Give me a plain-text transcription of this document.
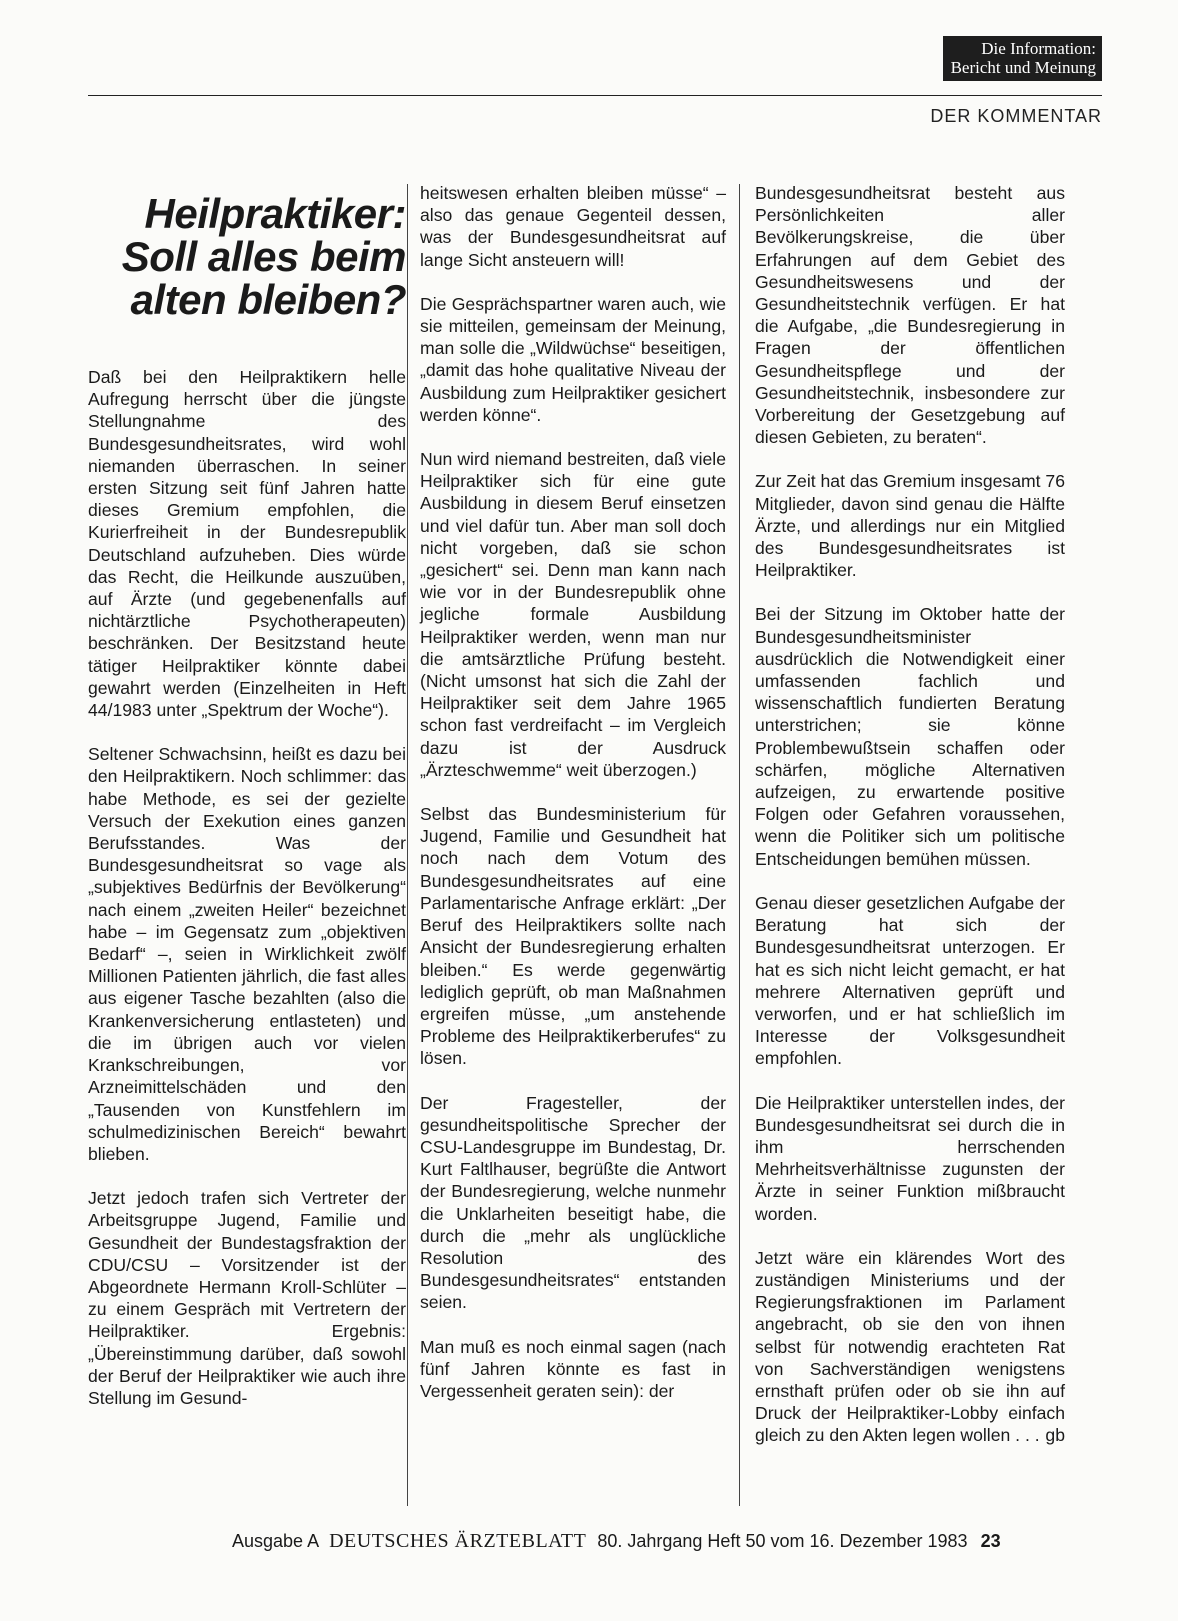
Die Information:
Bericht und Meinung
DER KOMMENTAR
Heilpraktiker:
Soll alles beim
alten bleiben?

Daß bei den Heilpraktikern helle Aufregung herrscht über die jüngste Stellungnahme des Bundesgesundheitsrates, wird wohl niemanden überraschen. In seiner ersten Sitzung seit fünf Jahren hatte dieses Gremium empfohlen, die Kurierfreiheit in der Bundesrepublik Deutschland aufzuheben. Dies würde das Recht, die Heilkunde auszuüben, auf Ärzte (und gegebenenfalls auf nichtärztliche Psychotherapeuten) beschränken. Der Besitzstand heute tätiger Heilpraktiker könnte dabei gewahrt werden (Einzelheiten in Heft 44/1983 unter „Spektrum der Woche“).

Seltener Schwachsinn, heißt es dazu bei den Heilpraktikern. Noch schlimmer: das habe Methode, es sei der gezielte Versuch der Exekution eines ganzen Berufsstandes. Was der Bundesgesundheitsrat so vage als „subjektives Bedürfnis der Bevölkerung“ nach einem „zweiten Heiler“ bezeichnet habe – im Gegensatz zum „objektiven Bedarf“ –, seien in Wirklichkeit zwölf Millionen Patienten jährlich, die fast alles aus eigener Tasche bezahlten (also die Krankenversicherung entlasteten) und die im übrigen auch vor vielen Krankschreibungen, vor Arzneimittelschäden und den „Tausenden von Kunstfehlern im schulmedizinischen Bereich“ bewahrt blieben.

Jetzt jedoch trafen sich Vertreter der Arbeitsgruppe Jugend, Familie und Gesundheit der Bundestagsfraktion der CDU/CSU – Vorsitzender ist der Abgeordnete Hermann Kroll-Schlüter – zu einem Gespräch mit Vertretern der Heilpraktiker. Ergebnis: „Übereinstimmung darüber, daß sowohl der Beruf der Heilpraktiker wie auch ihre Stellung im Gesund-

heitswesen erhalten bleiben müsse“ – also das genaue Gegenteil dessen, was der Bundesgesundheitsrat auf lange Sicht ansteuern will!

Die Gesprächspartner waren auch, wie sie mitteilen, gemeinsam der Meinung, man solle die „Wildwüchse“ beseitigen, „damit das hohe qualitative Niveau der Ausbildung zum Heilpraktiker gesichert werden könne“.

Nun wird niemand bestreiten, daß viele Heilpraktiker sich für eine gute Ausbildung in diesem Beruf einsetzen und viel dafür tun. Aber man soll doch nicht vorgeben, daß sie schon „gesichert“ sei. Denn man kann nach wie vor in der Bundesrepublik ohne jegliche formale Ausbildung Heilpraktiker werden, wenn man nur die amtsärztliche Prüfung besteht. (Nicht umsonst hat sich die Zahl der Heilpraktiker seit dem Jahre 1965 schon fast verdreifacht – im Vergleich dazu ist der Ausdruck „Ärzteschwemme“ weit überzogen.)

Selbst das Bundesministerium für Jugend, Familie und Gesundheit hat noch nach dem Votum des Bundesgesundheitsrates auf eine Parlamentarische Anfrage erklärt: „Der Beruf des Heilpraktikers sollte nach Ansicht der Bundesregierung erhalten bleiben.“ Es werde gegenwärtig lediglich geprüft, ob man Maßnahmen ergreifen müsse, „um anstehende Probleme des Heilpraktikerberufes“ zu lösen.

Der Fragesteller, der gesundheitspolitische Sprecher der CSU-Landesgruppe im Bundestag, Dr. Kurt Faltlhauser, begrüßte die Antwort der Bundesregierung, welche nunmehr die Unklarheiten beseitigt habe, die durch die „mehr als unglückliche Resolution des Bundesgesundheitsrates“ entstanden seien.

Man muß es noch einmal sagen (nach fünf Jahren könnte es fast in Vergessenheit geraten sein): der

Bundesgesundheitsrat besteht aus Persönlichkeiten aller Bevölkerungskreise, die über Erfahrungen auf dem Gebiet des Gesundheitswesens und der Gesundheitstechnik verfügen. Er hat die Aufgabe, „die Bundesregierung in Fragen der öffentlichen Gesundheitspflege und der Gesundheitstechnik, insbesondere zur Vorbereitung der Gesetzgebung auf diesen Gebieten, zu beraten“.

Zur Zeit hat das Gremium insgesamt 76 Mitglieder, davon sind genau die Hälfte Ärzte, und allerdings nur ein Mitglied des Bundesgesundheitsrates ist Heilpraktiker.

Bei der Sitzung im Oktober hatte der Bundesgesundheitsminister ausdrücklich die Notwendigkeit einer umfassenden fachlich und wissenschaftlich fundierten Beratung unterstrichen; sie könne Problembewußtsein schaffen oder schärfen, mögliche Alternativen aufzeigen, zu erwartende positive Folgen oder Gefahren voraussehen, wenn die Politiker sich um politische Entscheidungen bemühen müssen.

Genau dieser gesetzlichen Aufgabe der Beratung hat sich der Bundesgesundheitsrat unterzogen. Er hat es sich nicht leicht gemacht, er hat mehrere Alternativen geprüft und verworfen, und er hat schließlich im Interesse der Volksgesundheit empfohlen.

Die Heilpraktiker unterstellen indes, der Bundesgesundheitsrat sei durch die in ihm herrschenden Mehrheitsverhältnisse zugunsten der Ärzte in seiner Funktion mißbraucht worden.

Jetzt wäre ein klärendes Wort des zuständigen Ministeriums und der Regierungsfraktionen im Parlament angebracht, ob sie den von ihnen selbst für notwendig erachteten Rat von Sachverständigen wenigstens ernsthaft prüfen oder ob sie ihn auf Druck der Heilpraktiker-Lobby einfach gleich zu den Akten legen wollen . . . gb

Ausgabe A DEUTSCHES ÄRZTEBLATT 80. Jahrgang Heft 50 vom 16. Dezember 1983 23
